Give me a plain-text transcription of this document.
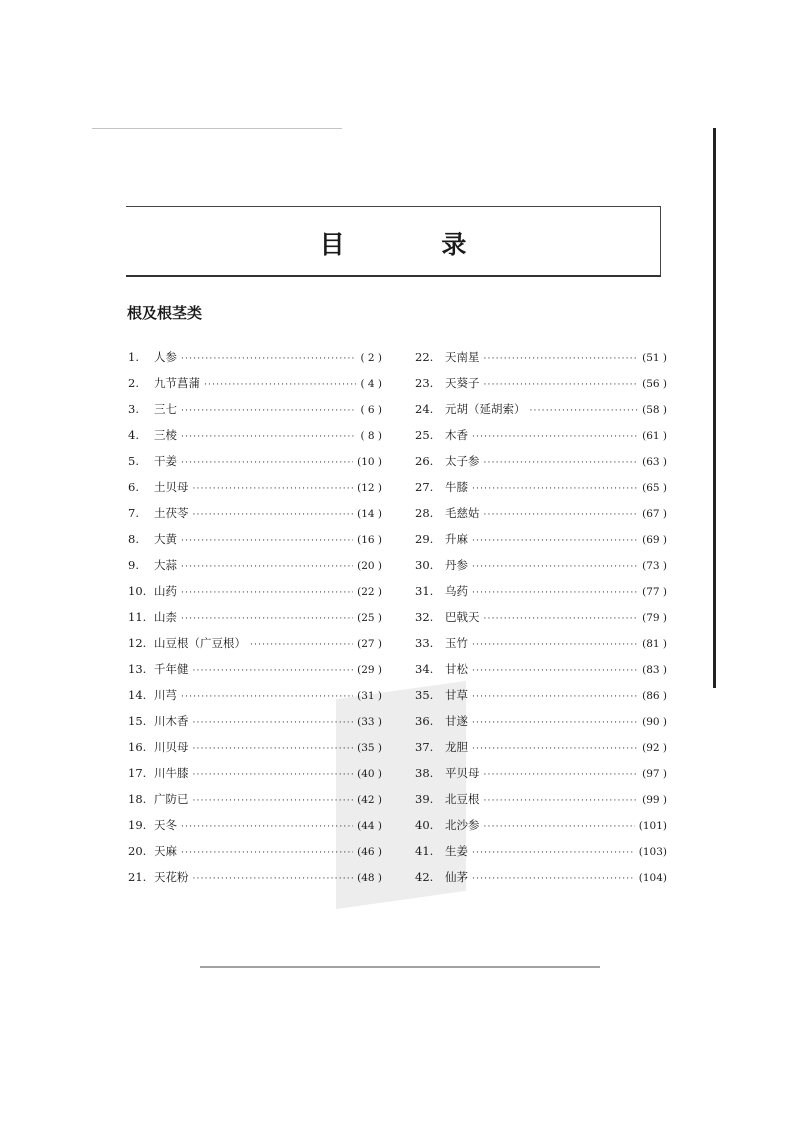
目 录
根及根茎类
1.	人参 ·····	( 2 )
2.	九节菖蒲 ·····	( 4 )
3.	三七 ·····	( 6 )
4.	三棱 ·····	( 8 )
5.	干姜 ·····	(10 )
6.	土贝母 ·····	(12 )
7.	土茯苓 ·····	(14 )
8.	大黄 ·····	(16 )
9.	大蒜 ·····	(20 )
10. 山药 ·····	(22 )
11. 山柰 ·····	(25 )
12. 山豆根（广豆根） ·····	(27 )
13. 千年健 ·····	(29 )
14. 川芎 ·····	(31 )
15. 川木香 ·····	(33 )
16. 川贝母 ·····	(35 )
17. 川牛膝 ·····	(40 )
18. 广防已 ·····	(42 )
19. 天冬 ·····	(44 )
20. 天麻 ·····	(46 )
21. 天花粉 ·····	(48 )
22.	天南星 ·····	(51 )
23.	天葵子 ·····	(56 )
24.	元胡（延胡索） ·····	(58 )
25.	木香 ·····	(61 )
26.	太子参 ·····	(63 )
27.	牛膝 ·····	(65 )
28.	毛慈姑 ·····	(67 )
29.	升麻 ·····	(69 )
30.	丹参 ·····	(73 )
31.	乌药 ·····	(77 )
32.	巴戟天 ·····	(79 )
33.	玉竹 ·····	(81 )
34.	甘松 ·····	(83 )
35.	甘草 ·····	(86 )
36.	甘遂 ·····	(90 )
37.	龙胆 ·····	(92 )
38.	平贝母 ·····	(97 )
39.	北豆根 ·····	(99 )
40.	北沙参 ·····	(101)
41.	生姜 ·····	(103)
42.	仙茅 ·····	(104)
